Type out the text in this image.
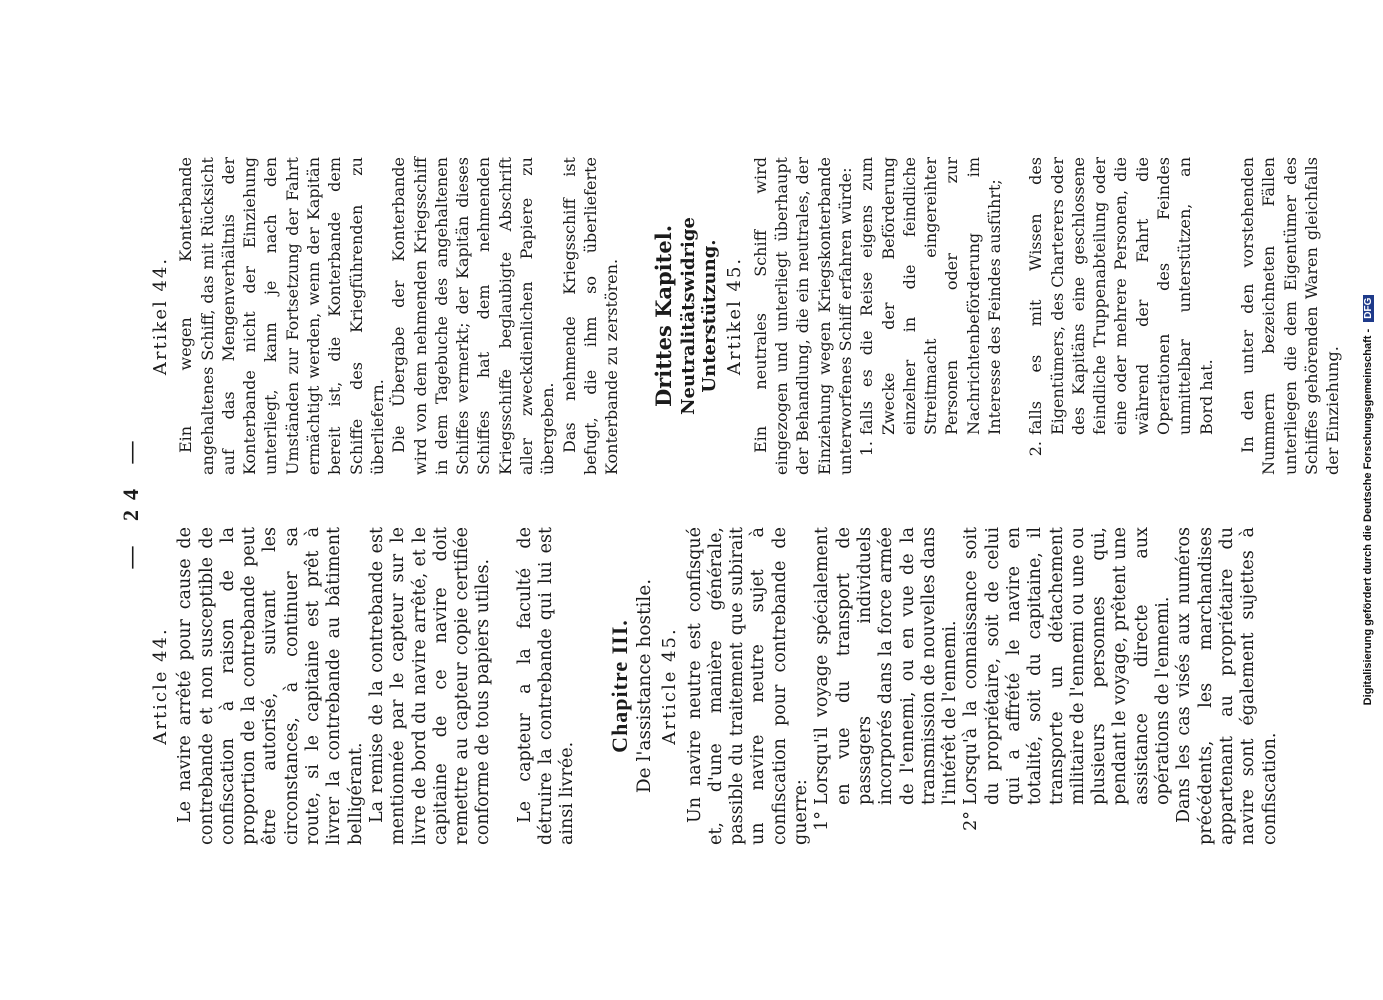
— 24 —
Article 44. Le navire arrêté pour cause de contrebande et non susceptible de confiscation à raison de la proportion de la contrebande peut être autorisé, suivant les circonstances, à continuer sa route, si le capitaine est prêt à livrer la contrebande au bâtiment belligérant. La remise de la contrebande est mentionnée par le capteur sur le livre de bord du navire arrêté, et le capitaine de ce navire doit remettre au capteur copie certifiée conforme de tous papiers utiles. Le capteur a la faculté de détruire la contrebande qui lui est ainsi livrée.

Chapitre III. De l'assistance hostile. Article 45. Un navire neutre est confisqué et, d'une manière générale, passible du traitement que subirait un navire neutre sujet à confiscation pour contrebande de guerre: 1°
Lorsqu'il voyage spécialement en vue du transport de passagers individuels incorporés dans la force armée de l'ennemi, ou en vue de la transmission de nouvelles dans l'intérêt de l'ennemi.
2°
Lorsqu'à la connaissance soit du propriétaire, soit de celui qui a affrété le navire en totalité, soit du capitaine, il transporte un détachement militaire de l'ennemi ou une ou plusieurs personnes qui, pendant le voyage, prêtent une assistance directe aux opérations de l'ennemi. Dans les cas visés aux numéros précédents, les marchandises appartenant au propriétaire du navire sont également sujettes à confiscation.

Artikel 44. Ein wegen Konterbande angehaltenes Schiff, das mit Rücksicht auf das Mengenverhältnis der Konterbande nicht der Einziehung unterliegt, kann je nach den Umständen zur Fortsetzung der Fahrt ermächtigt werden, wenn der Kapitän bereit ist, die Konterbande dem Schiffe des Kriegführenden zu überliefern. Die Übergabe der Konterbande wird von dem nehmenden Kriegsschiff in dem Tagebuche des angehaltenen Schiffes vermerkt; der Kapitän dieses Schiffes hat dem nehmenden Kriegsschiffe beglaubigte Abschrift aller zweckdienlichen Papiere zu übergeben. Das nehmende Kriegsschiff ist befugt, die ihm so überlieferte Konterbande zu zerstören. Drittes Kapitel. Neutralitätswidrige Unterstützung. Artikel 45. Ein neutrales Schiff wird eingezogen und unterliegt überhaupt der Behandlung, die ein neutrales, der Einziehung wegen Kriegskonterbande unterworfenes Schiff erfahren würde: 1.
falls es die Reise eigens zum Zwecke der Beförderung einzelner in die feindliche Streitmacht eingereihter Personen oder zur Nachrichtenbeförderung im Interesse des Feindes ausführt;
2.
falls es mit Wissen des Eigentümers, des Charterers oder des Kapitäns eine geschlossene feindliche Truppenabteilung oder eine oder mehrere Personen, die während der Fahrt die Operationen des Feindes unmittelbar unterstützen, an Bord hat. In den unter den vorstehenden Nummern bezeichneten Fällen unterliegen die dem Eigentümer des Schiffes gehörenden Waren gleichfalls der Einziehung. Digitalisierung gefördert durch die Deutsche Forschungsgemeinschaft - DFG
